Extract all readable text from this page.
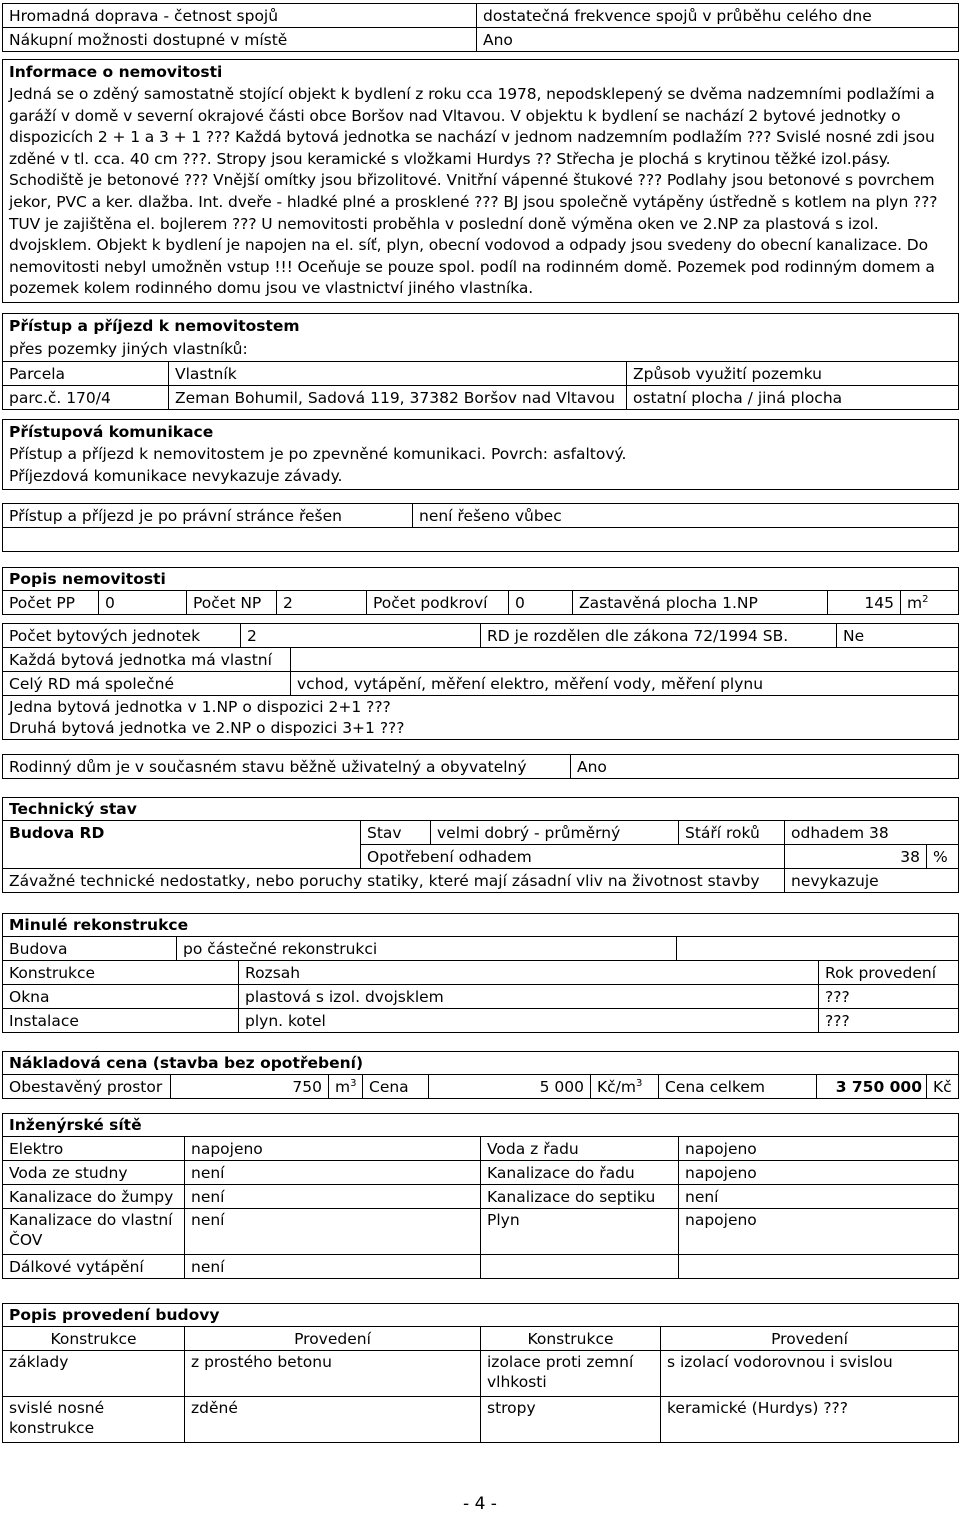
Hromadná doprava - četnost spojů	dostatečná frekvence spojů v průběhu celého dne
Nákupní možnosti dostupné v místě	Ano
Informace o nemovitosti
Jedná se o zděný samostatně stojící objekt k bydlení z roku cca 1978, nepodsklepený se dvěma nadzemními podlažími a garáží v domě v severní okrajové části obce Boršov nad Vltavou. V objektu k bydlení se nachází 2 bytové jednotky o dispozicích 2 + 1 a 3 + 1 ??? Každá bytová jednotka se nachází v jednom nadzemním podlažím ??? Svislé nosné zdi jsou zděné v tl. cca. 40 cm ???. Stropy jsou keramické s vložkami Hurdys ?? Střecha je plochá s krytinou těžké izol.pásy. Schodiště je betonové ??? Vnější omítky jsou břizolitové. Vnitřní vápenné štukové ??? Podlahy jsou betonové s povrchem jekor, PVC a ker. dlažba. Int. dveře - hladké plné a prosklené ??? BJ jsou společně vytápěny ústředně s kotlem na plyn ??? TUV je zajištěna el. bojlerem ??? U nemovitosti proběhla v poslední doně výměna oken ve 2.NP za plastová s izol. dvojsklem. Objekt k bydlení je napojen na el. síť, plyn, obecní vodovod a odpady jsou svedeny do obecní kanalizace. Do nemovitosti nebyl umožněn vstup !!! Oceňuje se pouze spol. podíl na rodinném domě. Pozemek pod rodinným domem a pozemek kolem rodinného domu jsou ve vlastnictví jiného vlastníka.
Přístup a příjezd k nemovitostem
přes pozemky jiných vlastníků:
Parcela	Vlastník	Způsob využití pozemku
parc.č. 170/4	Zeman Bohumil, Sadová 119, 37382 Boršov nad Vltavou	ostatní plocha / jiná plocha
Přístupová komunikace
Přístup a příjezd k nemovitostem je po zpevněné komunikaci. Povrch: asfaltový.
Příjezdová komunikace nevykazuje závady.
Přístup a příjezd je po právní stránce řešen	není řešeno vůbec

Popis nemovitosti
Počet PP	0	Počet NP	2	Počet podkroví	0	Zastavěná plocha 1.NP	145	$m^2$
Počet bytových jednotek	2	RD je rozdělen dle zákona 72/1994 SB.	Ne
Každá bytová jednotka má vlastní	
Celý RD má společné	vchod, vytápění, měření elektro, měření vody, měření plynu
Jedna bytová jednotka v 1.NP o dispozici 2+1 ???
Druhá bytová jednotka ve 2.NP o dispozici 3+1 ???
Rodinný dům je v současném stavu běžně uživatelný a obyvatelný	Ano
Technický stav
Budova RD	Stav	velmi dobrý - průměrný	Stáří roků	odhadem 38	
	Opotřebení odhadem			38	%
Závažné technické nedostatky, nebo poruchy statiky, které mají zásadní vliv na životnost stavby	nevykazuje
Minulé rekonstrukce
Budova	po částečné rekonstrukci	
Konstrukce	Rozsah	Rok provedení
Okna	plastová s izol. dvojsklem	???
Instalace	plyn. kotel	???
Nákladová cena (stavba bez opotřebení)
Obestavěný prostor	750	$m^3$	Cena	5 000	$Kč/m^3$	Cena celkem	3 750 000	Kč
Inženýrské sítě
Elektro	napojeno	Voda z řadu	napojeno
Voda ze studny	není	Kanalizace do řadu	napojeno
Kanalizace do žumpy	není	Kanalizace do septiku	není
Kanalizace do vlastní ČOV	není	Plyn	napojeno
Dálkové vytápění	není		
Popis provedení budovy
Konstrukce	Provedení	Konstrukce	Provedení
základy	z prostého betonu	izolace proti zemní vlhkosti	s izolací vodorovnou i svislou
svislé nosné konstrukce	zděné	stropy	keramické (Hurdys) ???
- 4 -
